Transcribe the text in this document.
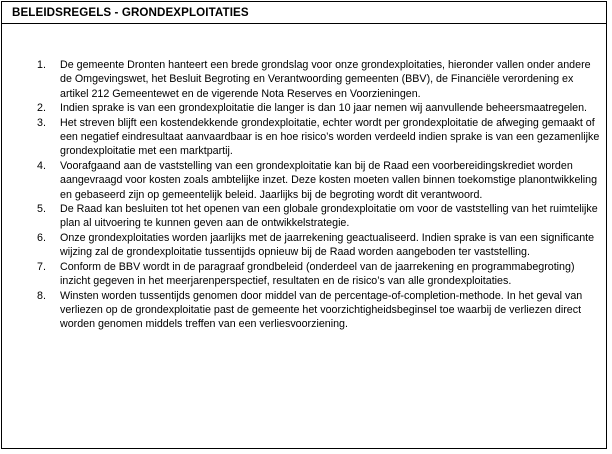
BELEIDSREGELS - GRONDEXPLOITATIES
1. De gemeente Dronten hanteert een brede grondslag voor onze grondexploitaties, hieronder vallen onder andere de Omgevingswet, het Besluit Begroting en Verantwoording gemeenten (BBV), de Financiële verordening ex artikel 212 Gemeentewet en de vigerende Nota Reserves en Voorzieningen.
2. Indien sprake is van een grondexploitatie die langer is dan 10 jaar nemen wij aanvullende beheersmaatregelen.
3. Het streven blijft een kostendekkende grondexploitatie, echter wordt per grondexploitatie de afweging gemaakt of een negatief eindresultaat aanvaardbaar is en hoe risico’s worden verdeeld indien sprake is van een gezamenlijke grondexploitatie met een marktpartij.
4. Voorafgaand aan de vaststelling van een grondexploitatie kan bij de Raad een voorbereidingskrediet worden aangevraagd voor kosten zoals ambtelijke inzet. Deze kosten moeten vallen binnen toekomstige planontwikkeling en gebaseerd zijn op gemeentelijk beleid. Jaarlijks bij de begroting wordt dit verantwoord.
5. De Raad kan besluiten tot het openen van een globale grondexploitatie om voor de vaststelling van het ruimtelijke plan al uitvoering te kunnen geven aan de ontwikkelstrategie.
6. Onze grondexploitaties worden jaarlijks met de jaarrekening geactualiseerd. Indien sprake is van een significante wijzing zal de grondexploitatie tussentijds opnieuw bij de Raad worden aangeboden ter vaststelling.
7. Conform de BBV wordt in de paragraaf grondbeleid (onderdeel van de jaarrekening en programmabegroting) inzicht gegeven in het meerjarenperspectief, resultaten en de risico’s van alle grondexploitaties.
8. Winsten worden tussentijds genomen door middel van de percentage-of-completion-methode. In het geval van verliezen op de grondexploitatie past de gemeente het voorzichtigheidsbeginsel toe waarbij de verliezen direct worden genomen middels treffen van een verliesvoorziening.
